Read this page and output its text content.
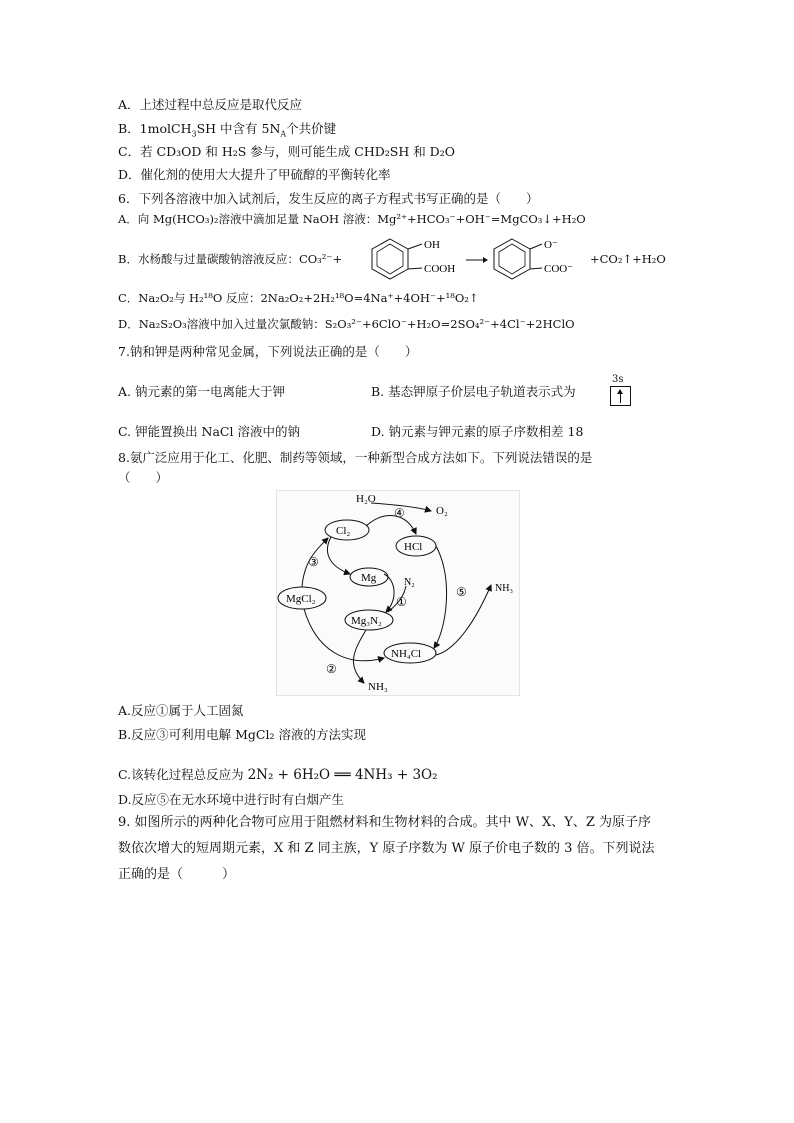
A．上述过程中总反应是取代反应
B．1molCH$_3$SH 中含有 $5N_A$个共价键
C．若 CD₃OD 和 H₂S 参与，则可能生成 CHD₂SH 和 D₂O
D．催化剂的使用大大提升了甲硫醇的平衡转化率
6．下列各溶液中加入试剂后，发生反应的离子方程式书写正确的是（　　）
A．向 Mg(HCO₃)₂溶液中滴加足量 NaOH 溶液：Mg²⁺+HCO₃⁻+OH⁻=MgCO₃↓+H₂O
B．水杨酸与过量碳酸钠溶液反应：CO₃²⁻+
OH
COOH
O⁻
COO⁻
+CO₂↑+H₂O
C．Na₂O₂与 H₂¹⁸O 反应：2Na₂O₂+2H₂¹⁸O=4Na⁺+4OH⁻+¹⁸O₂↑
D．Na₂S₂O₃溶液中加入过量次氯酸钠：S₂O₃²⁻+6ClO⁻+H₂O=2SO₄²⁻+4Cl⁻+2HClO
7.钠和钾是两种常见金属，下列说法正确的是（　　）
A. 钠元素的第一电离能大于钾	B. 基态钾原子价层电子轨道表示式为
3s
C. 钾能置换出 NaCl 溶液中的钠	D. 钠元素与钾元素的原子序数相差 18
8.氨广泛应用于化工、化肥、制药等领域，一种新型合成方法如下。下列说法错误的是
（　　）
H₂O
O₂
Cl₂
HCl
Mg	N₂
MgCl₂
Mg₃N₂
NH₄Cl
NH₃
NH₃
④
③
①
②
⑤
A.反应①属于人工固氮
B.反应③可利用电解 MgCl₂ 溶液的方法实现
C.该转化过程总反应为 2N₂ + 6H₂O ══ 4NH₃ + 3O₂
D.反应⑤在无水环境中进行时有白烟产生
9. 如图所示的两种化合物可应用于阻燃材料和生物材料的合成。其中 W、X、Y、Z 为原子序
数依次增大的短周期元素，X 和 Z 同主族，Y 原子序数为 W 原子价电子数的 3 倍。下列说法
正确的是（　　　）
